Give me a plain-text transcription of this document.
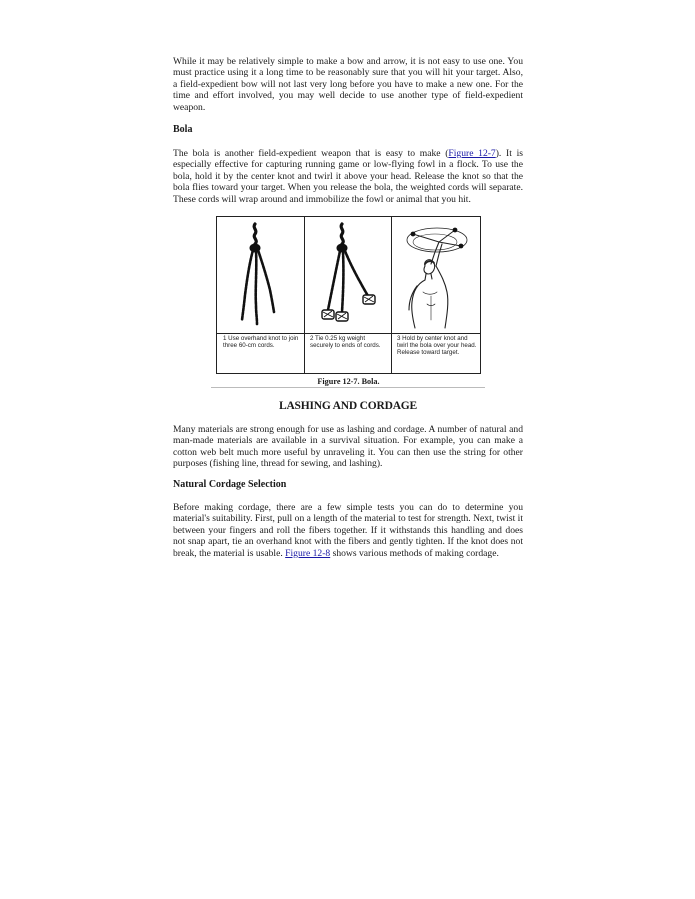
While it may be relatively simple to make a bow and arrow, it is not easy to use one. You must practice using it a long time to be reasonably sure that you will hit your target. Also, a field-expedient bow will not last very long before you have to make a new one. For the time and effort involved, you may well decide to use another type of field-expedient weapon.

Bola

The bola is another field-expedient weapon that is easy to make (Figure 12-7). It is especially effective for capturing running game or low-flying fowl in a flock. To use the bola, hold it by the center knot and twirl it above your head. Release the knot so that the bola flies toward your target. When you release the bola, the weighted cords will separate. These cords will wrap around and immobilize the fowl or animal that you hit.

1 Use overhand knot to join three 60-cm cords.
2 Tie 0.25 kg weight securely to ends of cords.
3 Hold by center knot and twirl the bola over your head. Release toward target.
Figure 12-7. Bola.
LASHING AND CORDAGE

Many materials are strong enough for use as lashing and cordage. A number of natural and man-made materials are available in a survival situation. For example, you can make a cotton web belt much more useful by unraveling it. You can then use the string for other purposes (fishing line, thread for sewing, and lashing).

Natural Cordage Selection

Before making cordage, there are a few simple tests you can do to determine you material's suitability. First, pull on a length of the material to test for strength. Next, twist it between your fingers and roll the fibers together. If it withstands this handling and does not snap apart, tie an overhand knot with the fibers and gently tighten. If the knot does not break, the material is usable. Figure 12-8 shows various methods of making cordage.
